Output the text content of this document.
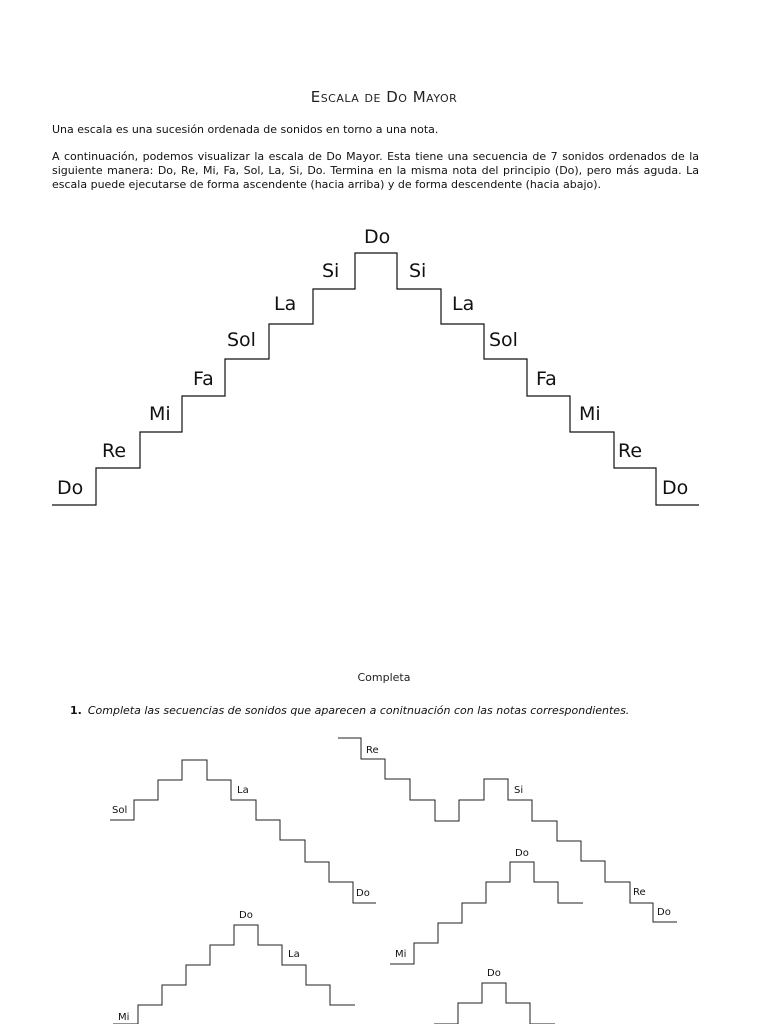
Escala de Do Mayor

Una escala es una sucesión ordenada de sonidos en torno a una nota.

A continuación, podemos visualizar la escala de Do Mayor. Esta tiene una secuencia de 7 sonidos ordenados de la siguiente manera: Do, Re, Mi, Fa, Sol, La, Si, Do. Termina en la misma nota del principio (Do), pero más aguda. La escala puede ejecutarse de forma ascendente (hacia arriba) y de forma descendente (hacia abajo).

Do
Re
Mi
Fa
Sol
La
Si
Do
Si
La
Sol
Fa
Mi
Re
Do
Sol
La
Do
Re
Si
Re
Do
Mi
Do
Mi
Do
La
Do
Completa
1. Completa las secuencias de sonidos que aparecen a conitnuación con las notas correspondientes.
